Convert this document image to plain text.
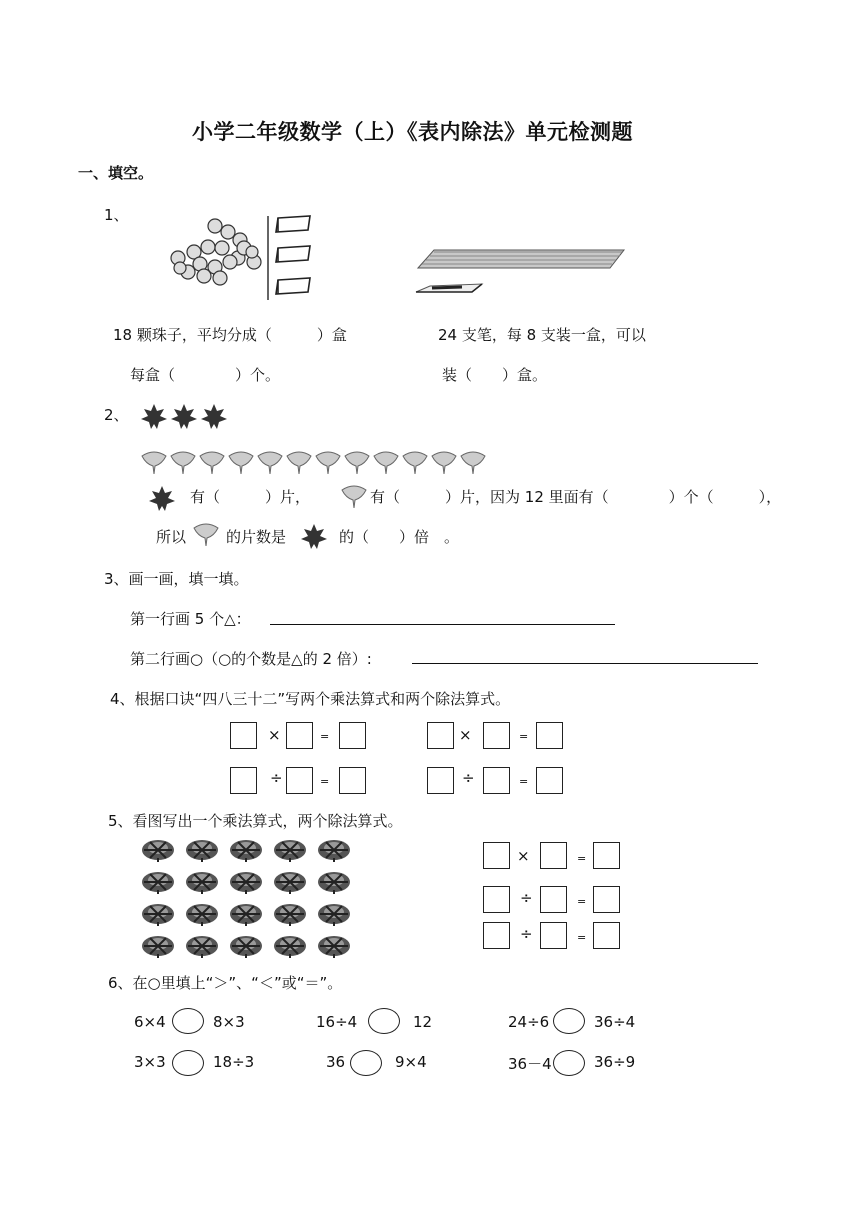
小学二年级数学（上）《表内除法》单元检测题
一、填空。
1、
18 颗珠子，平均分成（　　　）盒
每盒（　　　　）个。
24 支笔，每 8 支装一盒，可以
装（　　）盒。
2、
有（　　　）片，	有（　　　）片，因为 12 里面有（　　　　）个（　　　），
所以	的片数是	的（　　）倍　。
3、画一画，填一填。
第一行画 5 个△：
第二行画○（○的个数是△的 2 倍）:
4、根据口诀“四八三十二”写两个乘法算式和两个除法算式。
×	=	×	=
÷	=	÷	=
5、看图写出一个乘法算式，两个除法算式。
×	=
÷	=
÷	=
6、在○里填上“＞”、“＜”或“＝”。
6×4	8×3	16÷4	12	24÷6	36÷4
3×3	18÷3	36	9×4	36－4	36÷9
